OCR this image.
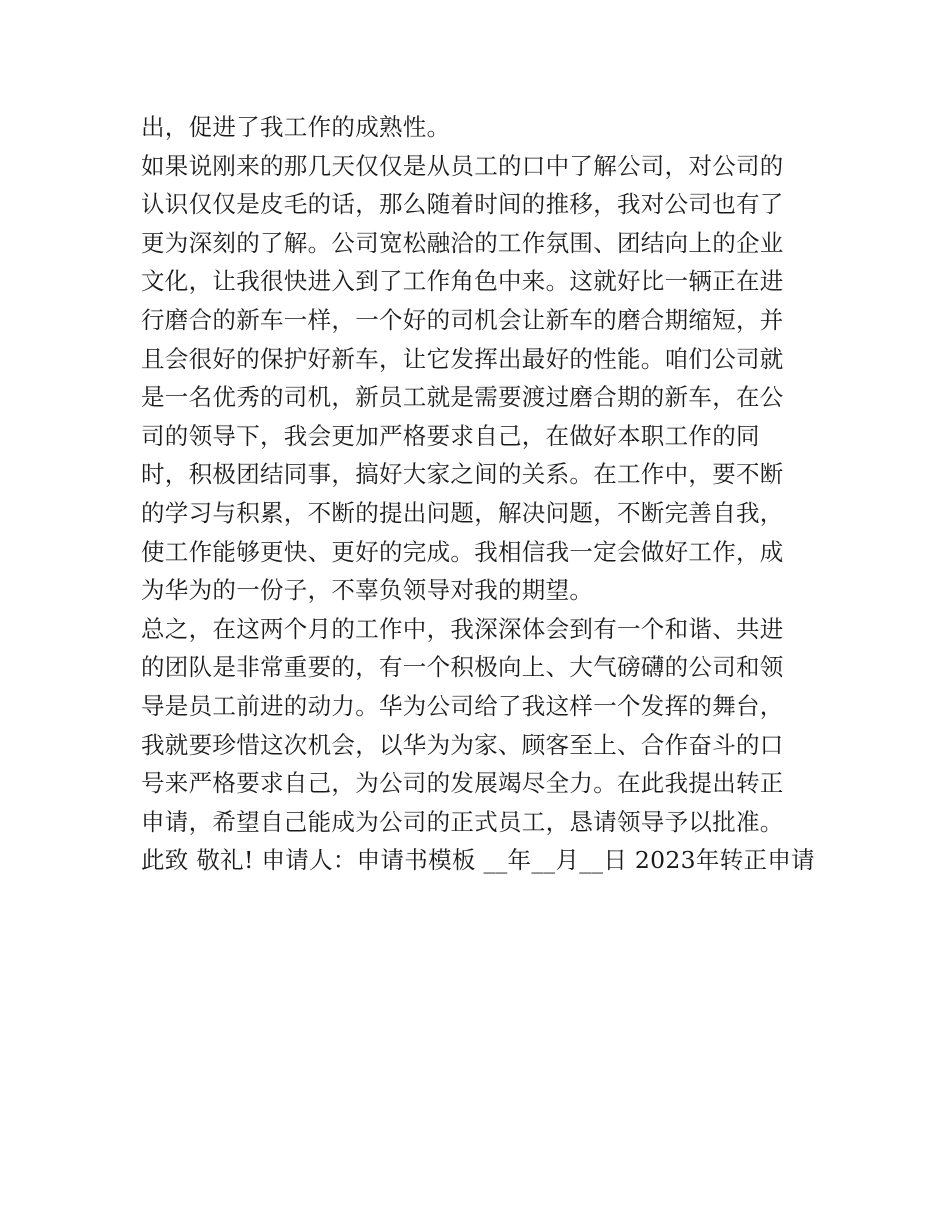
出，促进了我工作的成熟性。

如果说刚来的那几天仅仅是从员工的口中了解公司，对公司的

认识仅仅是皮毛的话，那么随着时间的推移，我对公司也有了

更为深刻的了解。公司宽松融洽的工作氛围、团结向上的企业

文化，让我很快进入到了工作角色中来。这就好比一辆正在进

行磨合的新车一样，一个好的司机会让新车的磨合期缩短，并

且会很好的保护好新车，让它发挥出最好的性能。咱们公司就

是一名优秀的司机，新员工就是需要渡过磨合期的新车，在公

司的领导下，我会更加严格要求自己，在做好本职工作的同

时，积极团结同事，搞好大家之间的关系。在工作中，要不断

的学习与积累，不断的提出问题，解决问题，不断完善自我，

使工作能够更快、更好的完成。我相信我一定会做好工作，成

为华为的一份子，不辜负领导对我的期望。

总之，在这两个月的工作中，我深深体会到有一个和谐、共进

的团队是非常重要的，有一个积极向上、大气磅礴的公司和领

导是员工前进的动力。华为公司给了我这样一个发挥的舞台，

我就要珍惜这次机会，以华为为家、顾客至上、合作奋斗的口

号来严格要求自己，为公司的发展竭尽全力。在此我提出转正

申请，希望自己能成为公司的正式员工，恳请领导予以批准。

此致 敬礼! 申请人：申请书模板 __年__月__日 2023年转正申请
